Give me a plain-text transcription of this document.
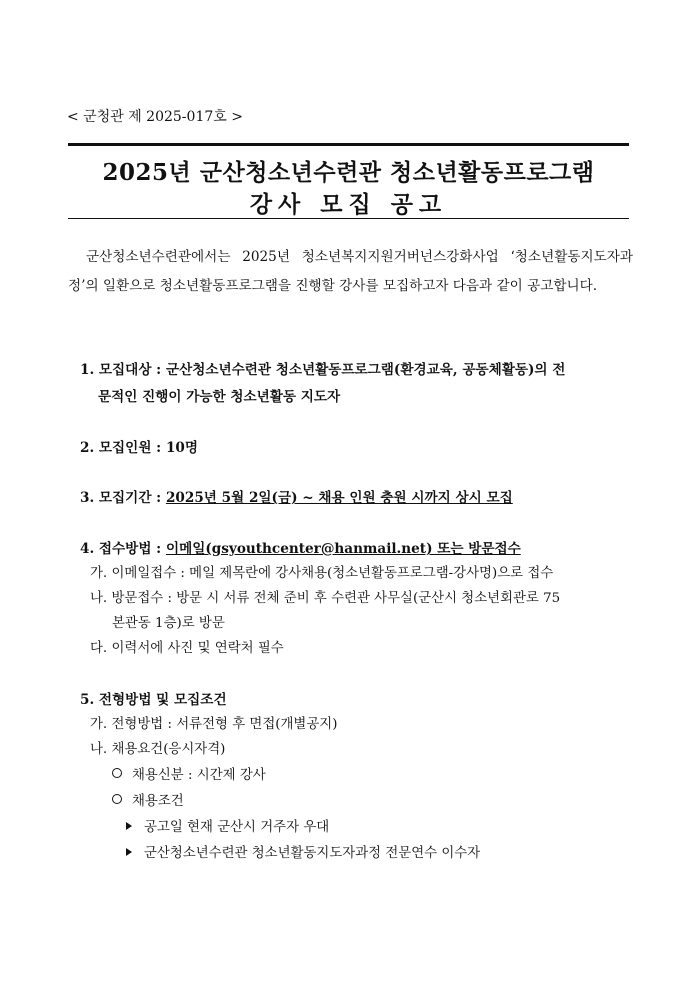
< 군청관 제 2025-017호 >
2025년 군산청소년수련관 청소년활동프로그램
강사 모집 공고
군산청소년수련관에서는 2025년 청소년복지지원거버넌스강화사업 ‘청소년활동지도자과정’의 일환으로 청소년활동프로그램을 진행할 강사를 모집하고자 다음과 같이 공고합니다.
1. 모집대상 : 군산청소년수련관 청소년활동프로그램(환경교육, 공동체활동)의 전
문적인 진행이 가능한 청소년활동 지도자
2. 모집인원 : 10명
3. 모집기간 : 2025년 5월 2일(금) ~ 채용 인원 충원 시까지 상시 모집
4. 접수방법 : 이메일(gsyouthcenter@hanmail.net) 또는 방문접수
가. 이메일접수 : 메일 제목란에 강사채용(청소년활동프로그램-강사명)으로 접수
나. 방문접수 : 방문 시 서류 전체 준비 후 수련관 사무실(군산시 청소년회관로 75
본관동 1층)로 방문
다. 이력서에 사진 및 연락처 필수
5. 전형방법 및 모집조건
가. 전형방법 : 서류전형 후 면접(개별공지)
나. 채용요건(응시자격)
채용신분 : 시간제 강사
채용조건
공고일 현재 군산시 거주자 우대
군산청소년수련관 청소년활동지도자과정 전문연수 이수자
